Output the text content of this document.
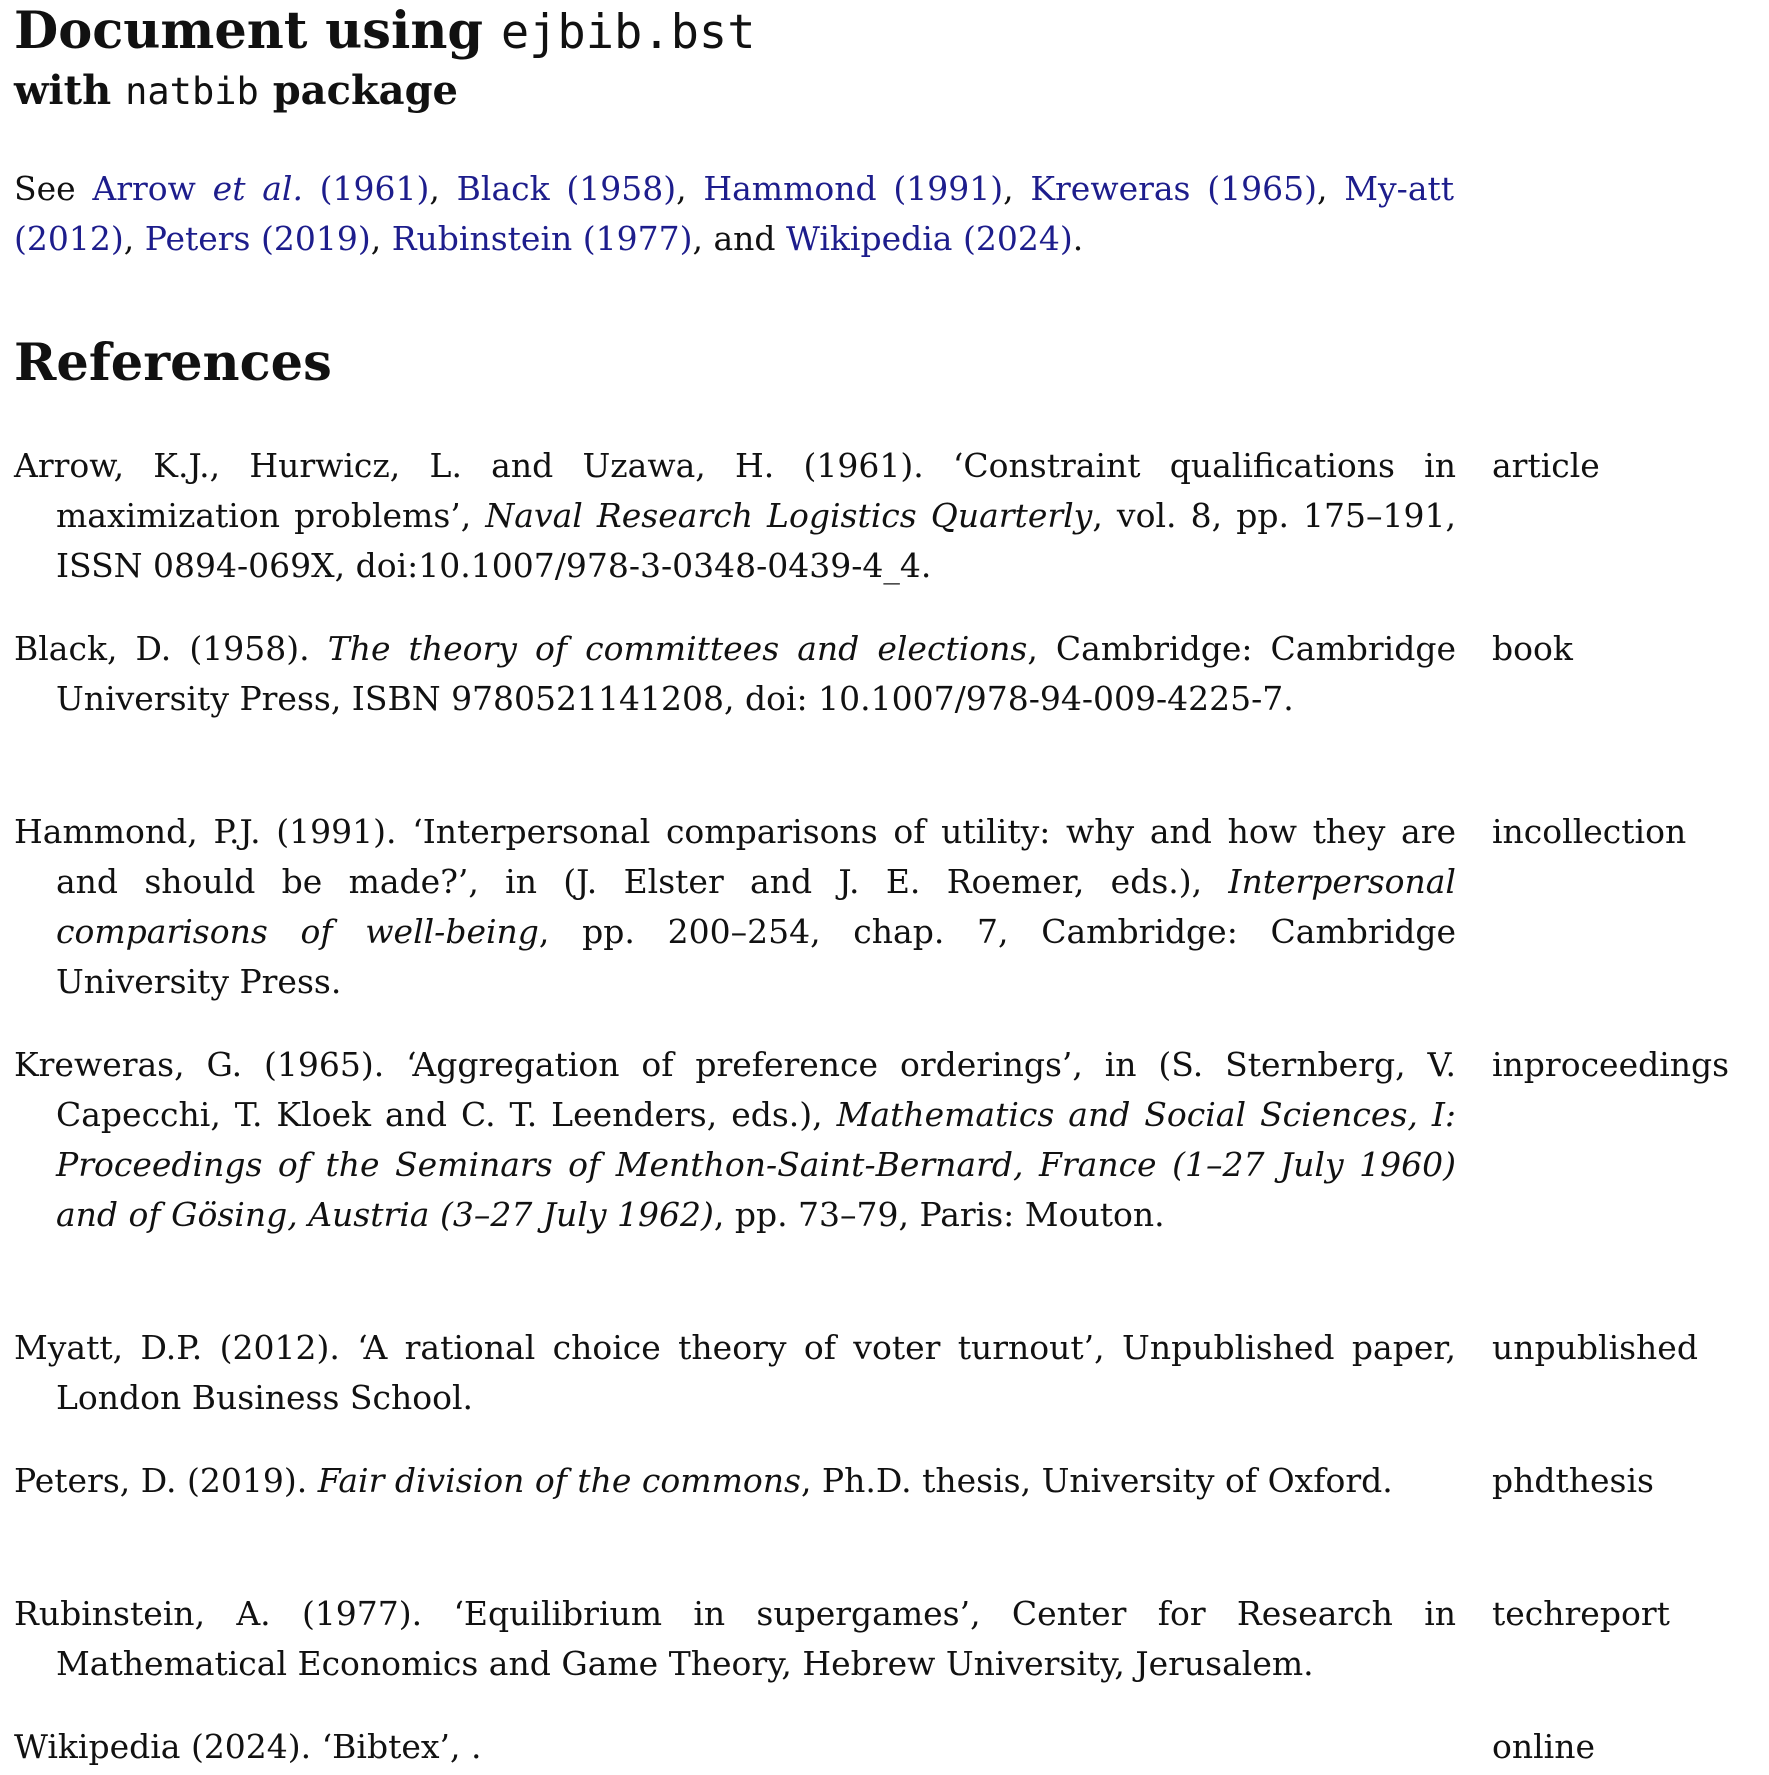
Document using ejbib.bst
with natbib package

See Arrow et al. (1961), Black (1958), Hammond (1991), Kreweras (1965), My-att (2012), Peters (2019), Rubinstein (1977), and Wikipedia (2024).

References

Arrow, K.J., Hurwicz, L. and Uzawa, H. (1961). ‘Constraint qualifications in maximization problems’, Naval Research Logistics Quarterly, vol. 8, pp. 175–191, ISSN 0894-069X, doi:10.1007/978-3-0348-0439-4_4.

article

Black, D. (1958). The theory of committees and elections, Cambridge: Cambridge University Press, ISBN 9780521141208, doi: 10.1007/978-94-009-4225-7.

book

Hammond, P.J. (1991). ‘Interpersonal comparisons of utility: why and how they are and should be made?’, in (J. Elster and J. E. Roemer, eds.), Interpersonal comparisons of well-being, pp. 200–254, chap. 7, Cambridge: Cambridge University Press.

incollection

Kreweras, G. (1965). ‘Aggregation of preference orderings’, in (S. Sternberg, V. Capecchi, T. Kloek and C. T. Leenders, eds.), Mathematics and Social Sciences, I: Proceedings of the Seminars of Menthon-Saint-Bernard, France (1–27 July 1960) and of Gösing, Austria (3–27 July 1962), pp. 73–79, Paris: Mouton.

inproceedings

Myatt, D.P. (2012). ‘A rational choice theory of voter turnout’, Unpublished paper, London Business School.

unpublished

Peters, D. (2019). Fair division of the commons, Ph.D. thesis, University of Oxford.	phdthesis

Rubinstein, A. (1977). ‘Equilibrium in supergames’, Center for Research in Mathematical Economics and Game Theory, Hebrew University, Jerusalem.

techreport

Wikipedia (2024). ‘Bibtex’, .	online
